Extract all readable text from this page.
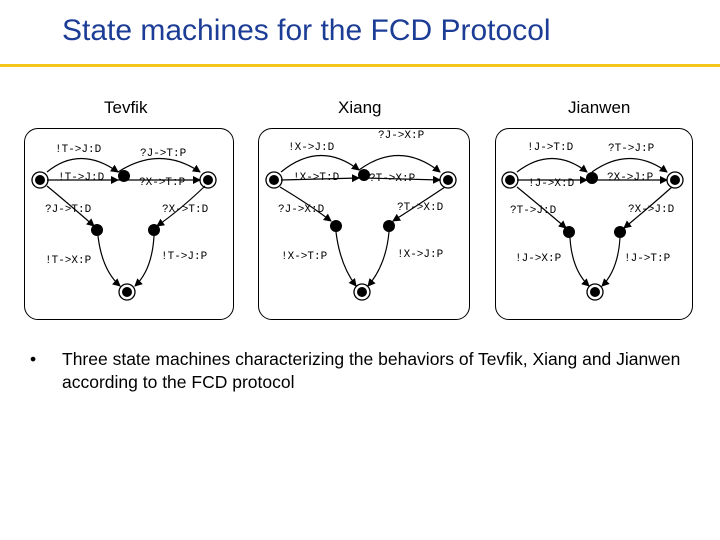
State machines for the FCD Protocol
Tevfik	Xiang	Jianwen
!T->J:D	?J->T:P
!T->J:D	?X->T:P
?J->T:D	?X->T:D
!T->X:P	!T->J:P
!X->J:D
?J->X:P
!X->T:D	?T->X:P
?J->X:D	?T->X:D
!X->T:P	!X->J:P
!J->T:D	?T->J:P
!J->X:D	?X->J:P
?T->J:D	?X->J:D
!J->X:P	!J->T:P
• Three state machines characterizing the behaviors of Tevfik, Xiang and Jianwen according to the FCD protocol
